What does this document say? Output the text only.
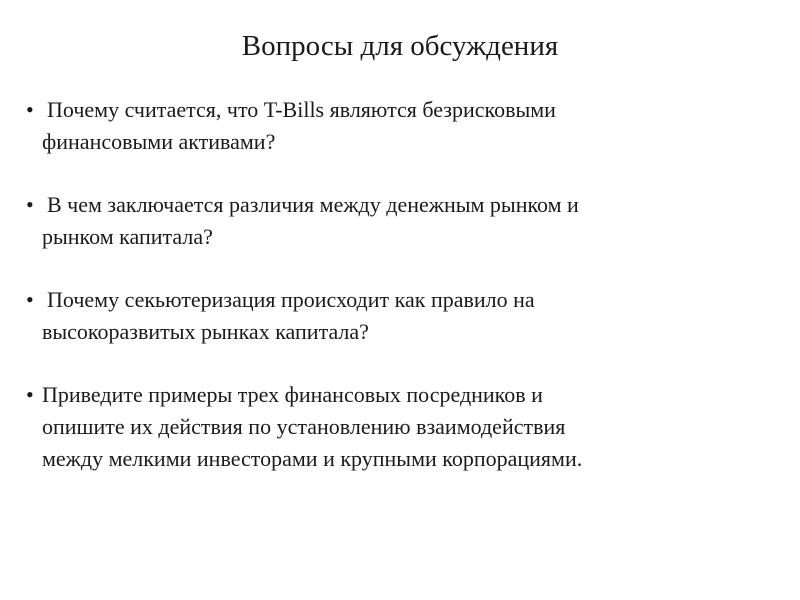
Вопросы для обсуждения
• Почему считается, что T-Bills являются безрисковыми
финансовыми активами?
• В чем заключается различия между денежным рынком и
рынком капитала?
• Почему секьютеризация происходит как правило на
высокоразвитых рынках капитала?
• Приведите примеры трех финансовых посредников и
опишите их действия по установлению взаимодействия
между мелкими инвесторами и крупными корпорациями.
